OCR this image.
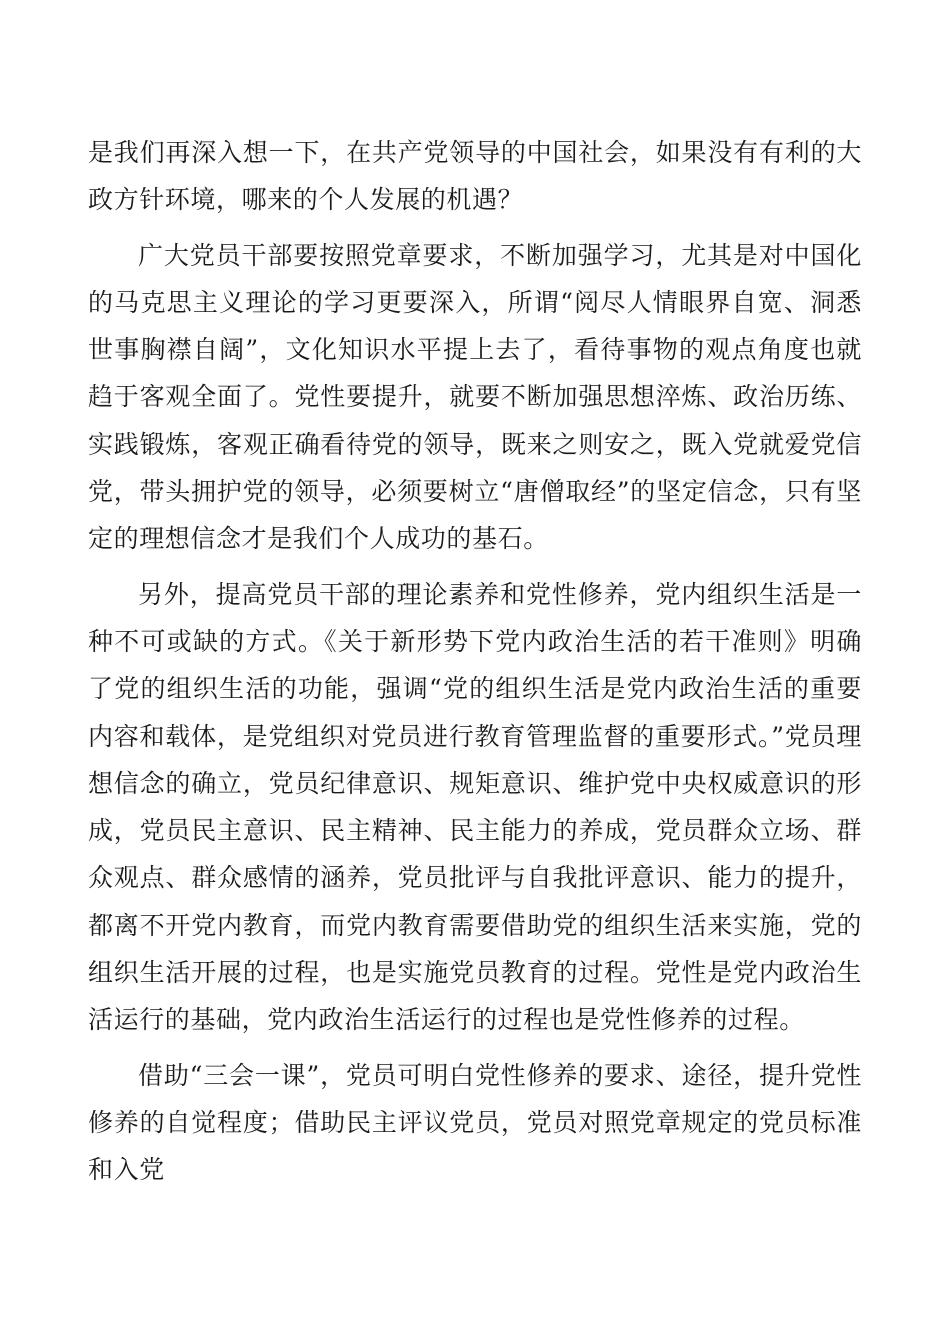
是我们再深入想一下，在共产党领导的中国社会，如果没有有利的大政方针环境，哪来的个人发展的机遇？

广大党员干部要按照党章要求，不断加强学习，尤其是对中国化的马克思主义理论的学习更要深入，所谓“阅尽人情眼界自宽、洞悉世事胸襟自阔”，文化知识水平提上去了，看待事物的观点角度也就趋于客观全面了。党性要提升，就要不断加强思想淬炼、政治历练、实践锻炼，客观正确看待党的领导，既来之则安之，既入党就爱党信党，带头拥护党的领导，必须要树立“唐僧取经”的坚定信念，只有坚定的理想信念才是我们个人成功的基石。

另外，提高党员干部的理论素养和党性修养，党内组织生活是一种不可或缺的方式。《关于新形势下党内政治生活的若干准则》明确了党的组织生活的功能，强调“党的组织生活是党内政治生活的重要内容和载体，是党组织对党员进行教育管理监督的重要形式。”党员理想信念的确立，党员纪律意识、规矩意识、维护党中央权威意识的形成，党员民主意识、民主精神、民主能力的养成，党员群众立场、群众观点、群众感情的涵养，党员批评与自我批评意识、能力的提升，都离不开党内教育，而党内教育需要借助党的组织生活来实施，党的组织生活开展的过程，也是实施党员教育的过程。党性是党内政治生活运行的基础，党内政治生活运行的过程也是党性修养的过程。

借助“三会一课”，党员可明白党性修养的要求、途径，提升党性修养的自觉程度；借助民主评议党员，党员对照党章规定的党员标准和入党
